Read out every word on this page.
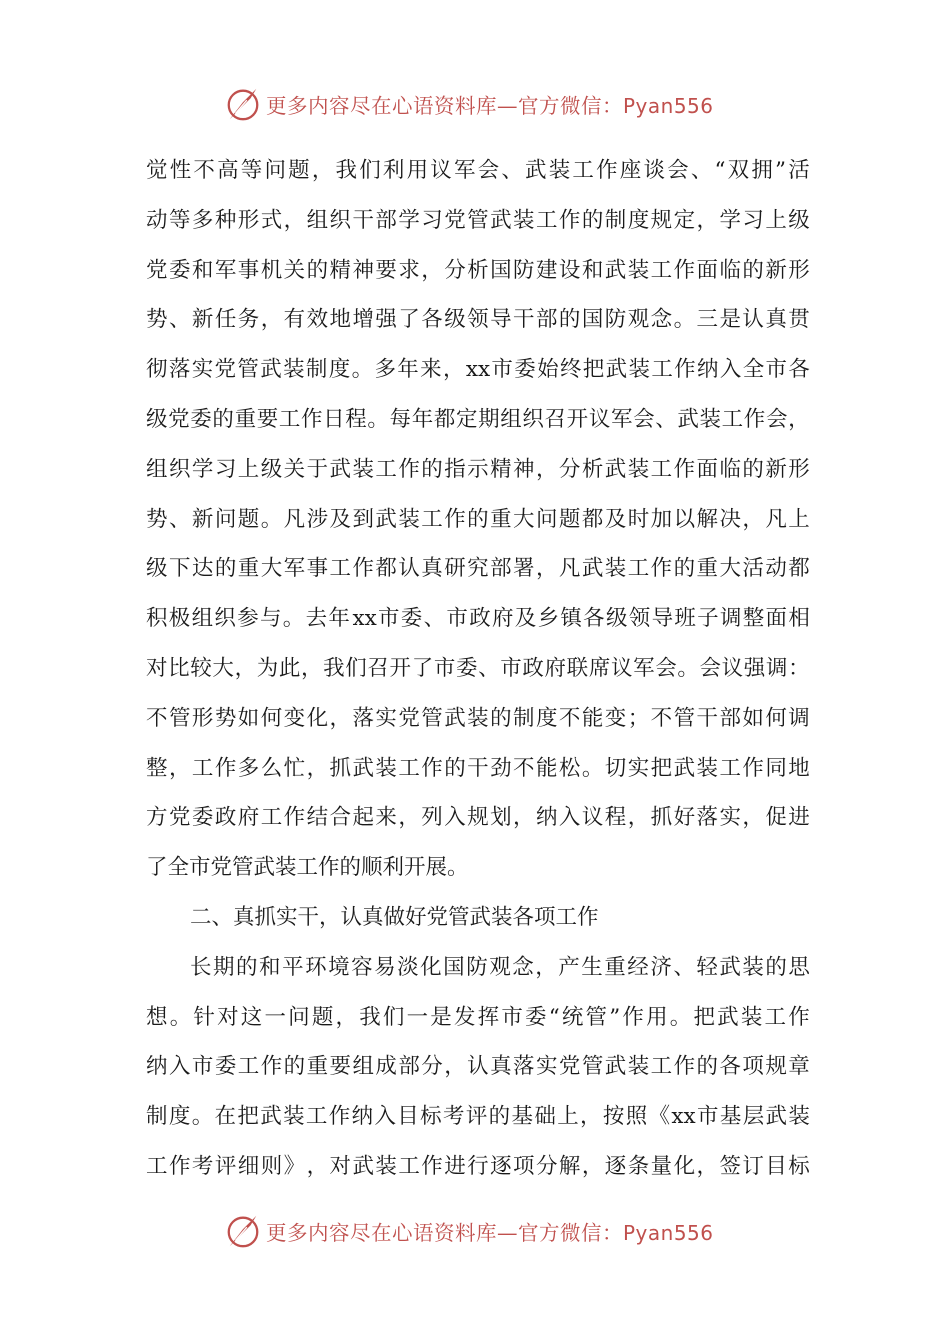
更多内容尽在心语资料库—官方微信：Pyan556
觉 性 不 高 等 问 题 ， 我 们 利 用 议 军 会 、 武 装 工 作 座 谈 会 、 “ 双 拥 ” 活
动 等 多 种 形 式 ， 组 织 干 部 学 习 党 管 武 装 工 作 的 制 度 规 定 ， 学 习 上 级
党 委 和 军 事 机 关 的 精 神 要 求 ， 分 析 国 防 建 设 和 武 装 工 作 面 临 的 新 形
势 、 新 任 务 ， 有 效 地 增 强 了 各 级 领 导 干 部 的 国 防 观 念 。 三 是 认 真 贯
彻 落 实 党 管 武 装 制 度 。 多 年 来 ， xx 市 委 始 终 把 武 装 工 作 纳 入 全 市 各
级 党 委 的 重 要 工 作 日 程 。 每 年 都 定 期 组 织 召 开 议 军 会 、 武 装 工 作 会 ，
组 织 学 习 上 级 关 于 武 装 工 作 的 指 示 精 神 ， 分 析 武 装 工 作 面 临 的 新 形
势 、 新 问 题 。 凡 涉 及 到 武 装 工 作 的 重 大 问 题 都 及 时 加 以 解 决 ， 凡 上
级 下 达 的 重 大 军 事 工 作 都 认 真 研 究 部 署 ， 凡 武 装 工 作 的 重 大 活 动 都
积 极 组 织 参 与 。 去 年 xx 市 委 、 市 政 府 及 乡 镇 各 级 领 导 班 子 调 整 面 相
对 比 较 大 ， 为 此 ， 我 们 召 开 了 市 委 、 市 政 府 联 席 议 军 会 。 会 议 强 调 ：
不 管 形 势 如 何 变 化 ， 落 实 党 管 武 装 的 制 度 不 能 变 ； 不 管 干 部 如 何 调
整 ， 工 作 多 么 忙 ， 抓 武 装 工 作 的 干 劲 不 能 松 。 切 实 把 武 装 工 作 同 地
方 党 委 政 府 工 作 结 合 起 来 ， 列 入 规 划 ， 纳 入 议 程 ， 抓 好 落 实 ， 促 进
了全市党管武装工作的顺利开展。
二、真抓实干，认真做好党管武装各项工作
长 期 的 和 平 环 境 容 易 淡 化 国 防 观 念 ， 产 生 重 经 济 、 轻 武 装 的 思
想 。 针 对 这 一 问 题 ， 我 们 一 是 发 挥 市 委 “ 统 管 ” 作 用 。 把 武 装 工 作
纳 入 市 委 工 作 的 重 要 组 成 部 分 ， 认 真 落 实 党 管 武 装 工 作 的 各 项 规 章
制 度 。 在 把 武 装 工 作 纳 入 目 标 考 评 的 基 础 上 ， 按 照 《 xx 市 基 层 武 装
工 作 考 评 细 则 》 ， 对 武 装 工 作 进 行 逐 项 分 解 ， 逐 条 量 化 ， 签 订 目 标
更多内容尽在心语资料库—官方微信：Pyan556
